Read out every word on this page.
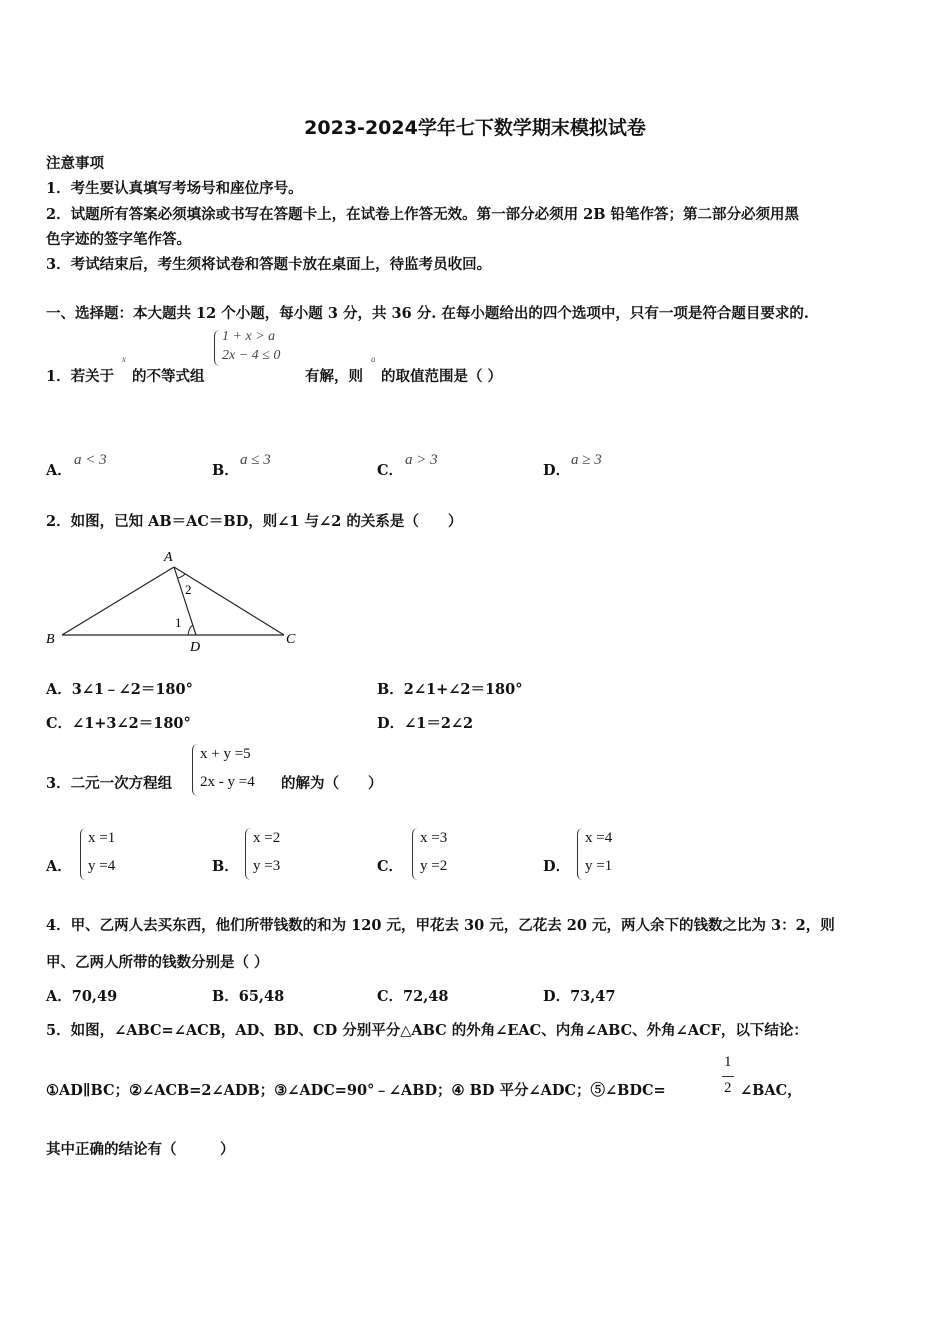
2023-2024学年七下数学期末模拟试卷
注意事项
1．考生要认真填写考场号和座位序号。
2．试题所有答案必须填涂或书写在答题卡上，在试卷上作答无效。第一部分必须用 2B 铅笔作答；第二部分必须用黑
色字迹的签字笔作答。
3．考试结束后，考生须将试卷和答题卡放在桌面上，待监考员收回。
一、选择题：本大题共 12 个小题，每小题 3 分，共 36 分. 在每小题给出的四个选项中，只有一项是符合题目要求的.
1．若关于
x
的不等式组
1 + x > a
2x − 4 ≤ 0
有解，则
a
的取值范围是（ ）
A．
a < 3
B．
a ≤ 3
C．
a > 3
D．
a ≥ 3
2．如图，已知 AB＝AC＝BD，则∠1 与∠2 的关系是（　　）
A
B	C
D
2
1
A．3∠1﹣∠2＝180°	B．2∠1+∠2＝180°
C．∠1+3∠2＝180°	D．∠1＝2∠2
3．二元一次方程组
x + y =5
2x ‐ y =4 的解为（　　）
A．
x =1
y =4	B．
x =2
y =3	C．
x =3
y =2	D．
x =4
y =1
4．甲、乙两人去买东西，他们所带钱数的和为 120 元，甲花去 30 元，乙花去 20 元，两人余下的钱数之比为 3：2，则
甲、乙两人所带的钱数分别是（ ）
A．70,49	B．65,48	C．72,48	D．73,47
5．如图，∠ABC=∠ACB，AD、BD、CD 分别平分△ABC 的外角∠EAC、内角∠ABC、外角∠ACF，以下结论：
①AD∥BC；②∠ACB=2∠ADB；③∠ADC=90°﹣∠ABD；④ BD 平分∠ADC；⑤∠BDC=
1
2 ∠BAC，
其中正确的结论有（　　　）
